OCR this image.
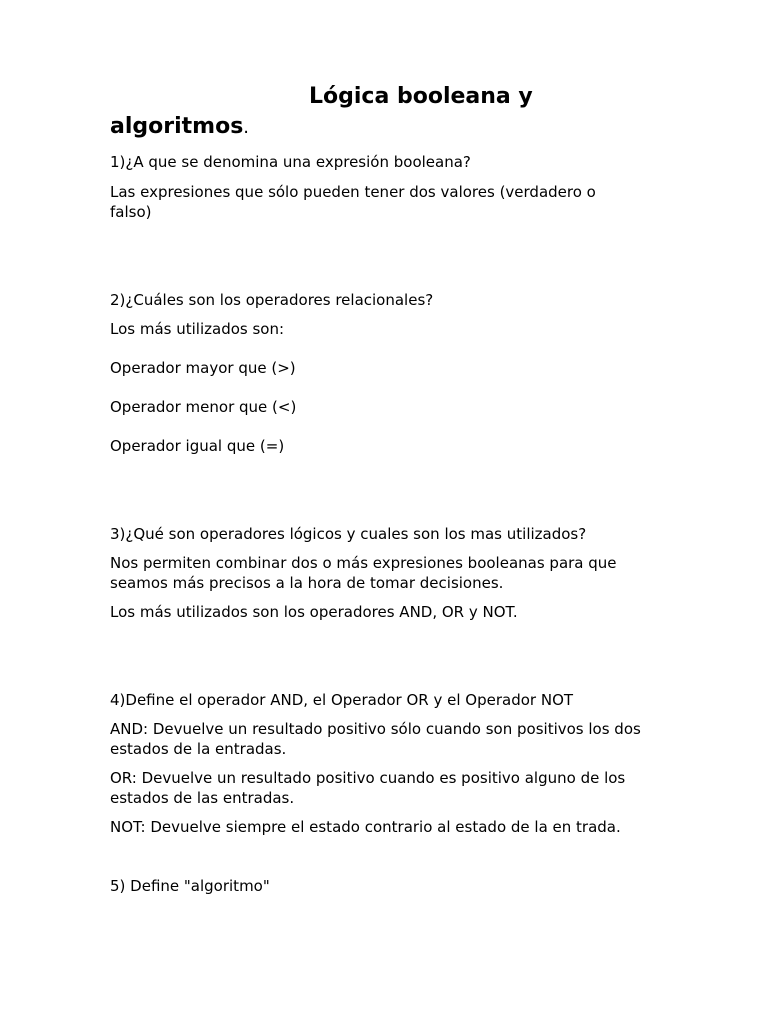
Lógica booleana y
algoritmos.

1)¿A que se denomina una expresión booleana?

Las expresiones que sólo pueden tener dos valores (verdadero o falso)

2)¿Cuáles son los operadores relacionales?

Los más utilizados son:

Operador mayor que (>)

Operador menor que (<)

Operador igual que (=)

3)¿Qué son operadores lógicos y cuales son los mas utilizados?

Nos permiten combinar dos o más expresiones booleanas para que seamos más precisos a la hora de tomar decisiones.

Los más utilizados son los operadores AND, OR y NOT.

4)Define el operador AND, el Operador OR y el Operador NOT

AND: Devuelve un resultado positivo sólo cuando son positivos los dos estados de la entradas.

OR: Devuelve un resultado positivo cuando es positivo alguno de los estados de las entradas.

NOT: Devuelve siempre el estado contrario al estado de la en trada.

5) Define "algoritmo"
